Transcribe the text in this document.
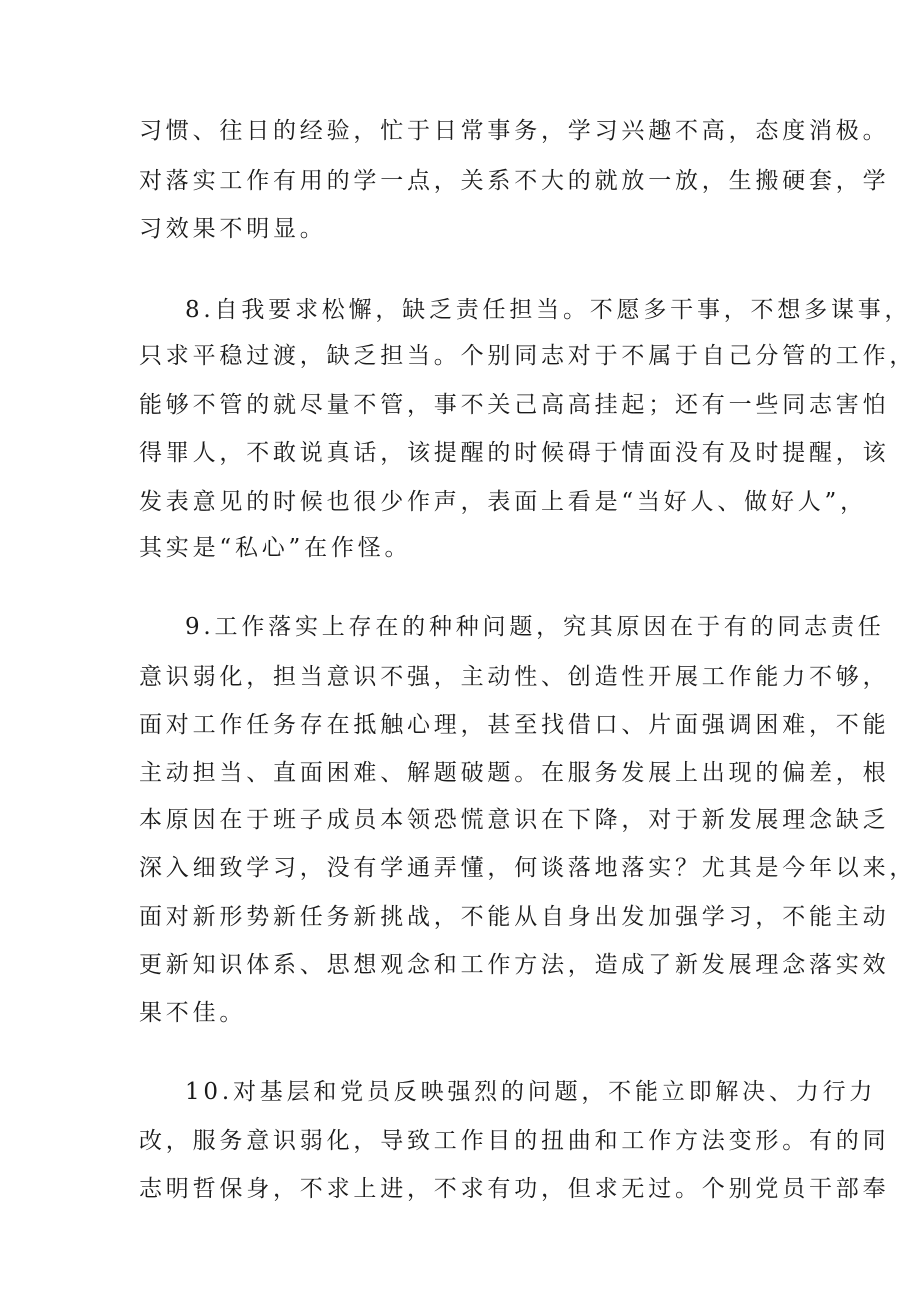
习惯、往日的经验，忙于日常事务，学习兴趣不高，态度消极。

对落实工作有用的学一点，关系不大的就放一放，生搬硬套，学

习效果不明显。

8.自我要求松懈，缺乏责任担当。不愿多干事，不想多谋事，

只求平稳过渡，缺乏担当。个别同志对于不属于自己分管的工作，

能够不管的就尽量不管，事不关己高高挂起；还有一些同志害怕

得罪人，不敢说真话，该提醒的时候碍于情面没有及时提醒，该

发表意见的时候也很少作声，表面上看是“当好人、做好人”，

其实是“私心”在作怪。

9.工作落实上存在的种种问题，究其原因在于有的同志责任

意识弱化，担当意识不强，主动性、创造性开展工作能力不够，

面对工作任务存在抵触心理，甚至找借口、片面强调困难，不能

主动担当、直面困难、解题破题。在服务发展上出现的偏差，根

本原因在于班子成员本领恐慌意识在下降，对于新发展理念缺乏

深入细致学习，没有学通弄懂，何谈落地落实？尤其是今年以来，

面对新形势新任务新挑战，不能从自身出发加强学习，不能主动

更新知识体系、思想观念和工作方法，造成了新发展理念落实效

果不佳。

10.对基层和党员反映强烈的问题，不能立即解决、力行力

改，服务意识弱化，导致工作目的扭曲和工作方法变形。有的同

志明哲保身，不求上进，不求有功，但求无过。个别党员干部奉
